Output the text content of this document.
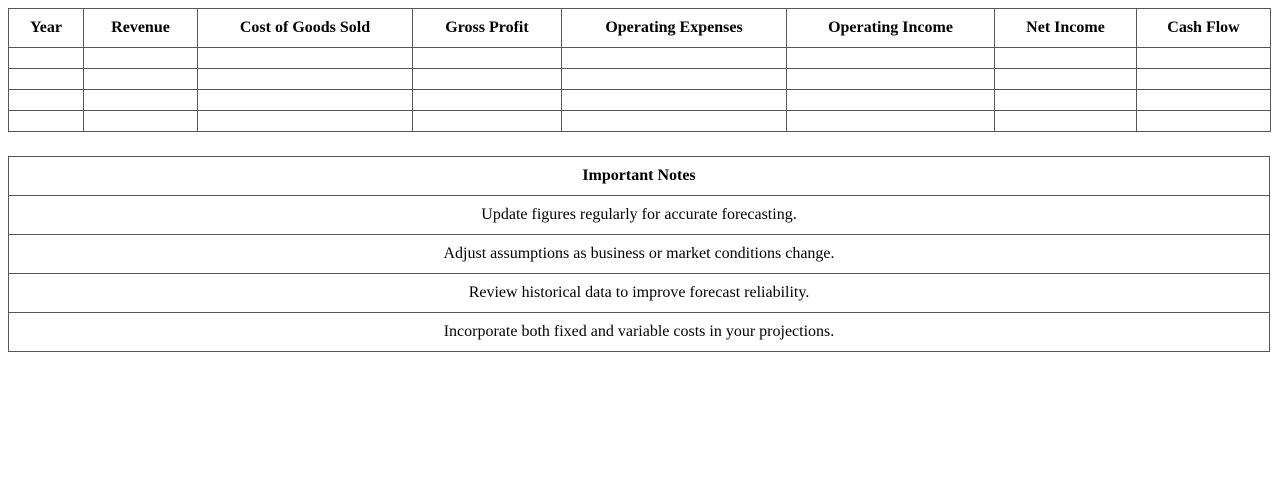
Year	Revenue	Cost of Goods Sold	Gross Profit	Operating Expenses	Operating Income	Net Income	Cash Flow

Important Notes
Update figures regularly for accurate forecasting.
Adjust assumptions as business or market conditions change.
Review historical data to improve forecast reliability.
Incorporate both fixed and variable costs in your projections.
